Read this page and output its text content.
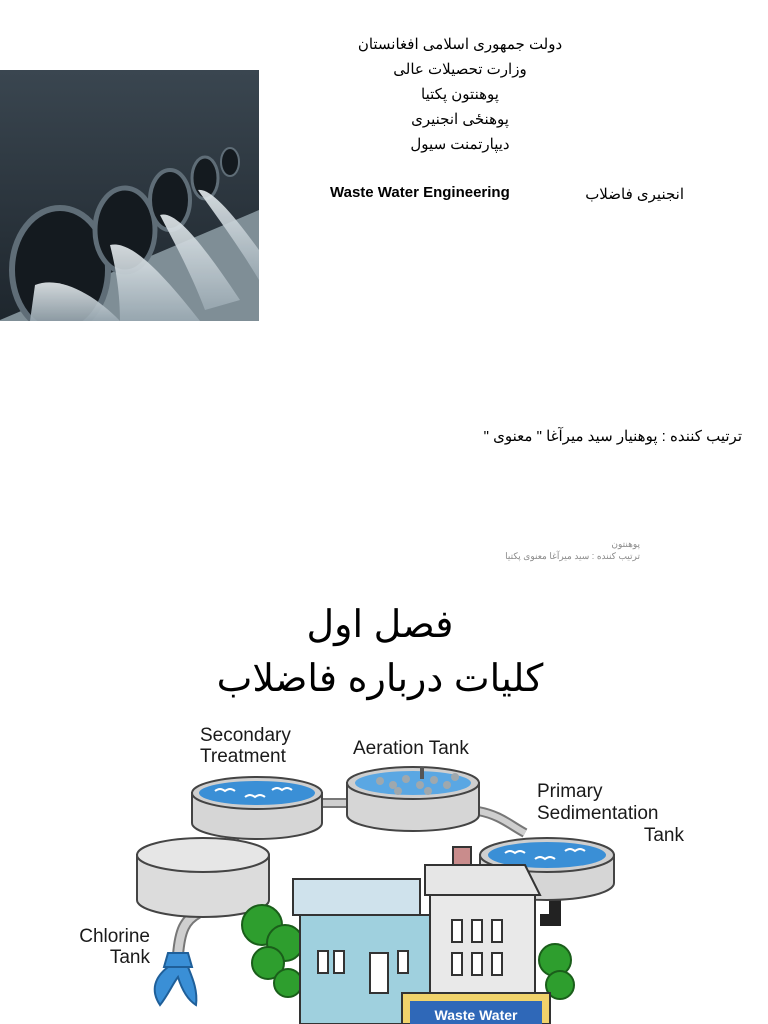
دولت جمهوری اسلامی افغانستان
وزارت تحصیلات عالی
پوهنتون پکتیا
پوهنځی انجنیری
دیپارتمنت سیول
انجنیری فاضلاب
Waste Water Engineering
ترتیب کننده : پوهنیار سید میرآغا " معنوی "
پوهنتون
ترتیب کننده : سید میرآغا معنوی پکتیا
فصل اول
کلیات درباره فاضلاب
Waste Water
Secondary
Treatment	Aeration Tank
Primary
Sedimentation
Tank
Chlorine
Tank
